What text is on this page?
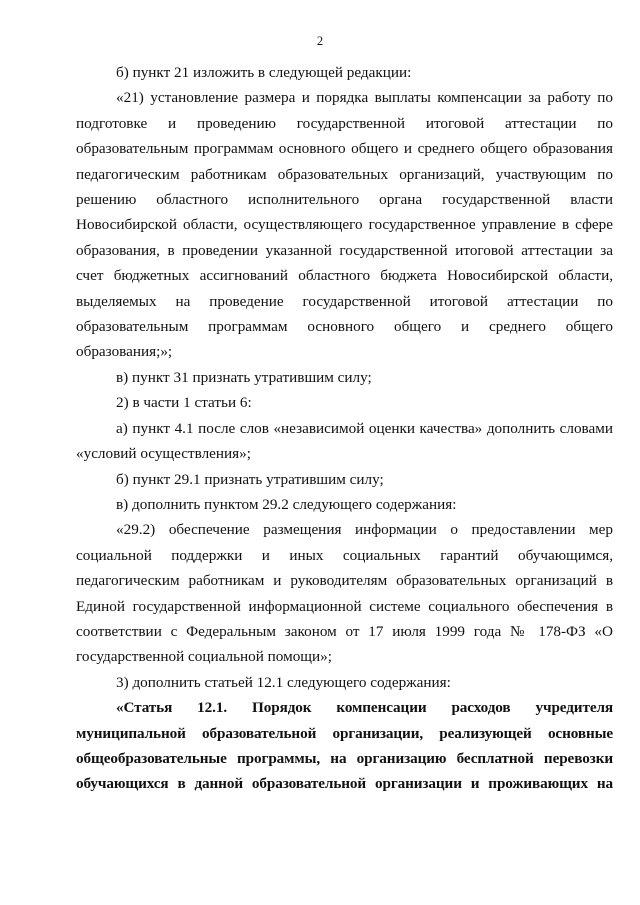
2

б) пункт 21 изложить в следующей редакции:

«21) установление размера и порядка выплаты компенсации за работу по

подготовке и проведению государственной итоговой аттестации по

образовательным программам основного общего и среднего общего образования

педагогическим работникам образовательных организаций, участвующим по

решению областного исполнительного органа государственной власти

Новосибирской области, осуществляющего государственное управление в сфере

образования, в проведении указанной государственной итоговой аттестации за

счет бюджетных ассигнований областного бюджета Новосибирской области,

выделяемых на проведение государственной итоговой аттестации по

образовательным программам основного общего и среднего общего

образования;»;

в) пункт 31 признать утратившим силу;

2) в части 1 статьи 6:

а) пункт 4.1 после слов «независимой оценки качества» дополнить словами

«условий осуществления»;

б) пункт 29.1 признать утратившим силу;

в) дополнить пунктом 29.2 следующего содержания:

«29.2) обеспечение размещения информации о предоставлении мер

социальной поддержки и иных социальных гарантий обучающимся,

педагогическим работникам и руководителям образовательных организаций в

Единой государственной информационной системе социального обеспечения в

соответствии с Федеральным законом от 17 июля 1999 года № 178-ФЗ «О

государственной социальной помощи»;

3) дополнить статьей 12.1 следующего содержания:

«Статья 12.1. Порядок компенсации расходов учредителя

муниципальной образовательной организации, реализующей основные

общеобразовательные программы, на организацию бесплатной перевозки

обучающихся в данной образовательной организации и проживающих на
